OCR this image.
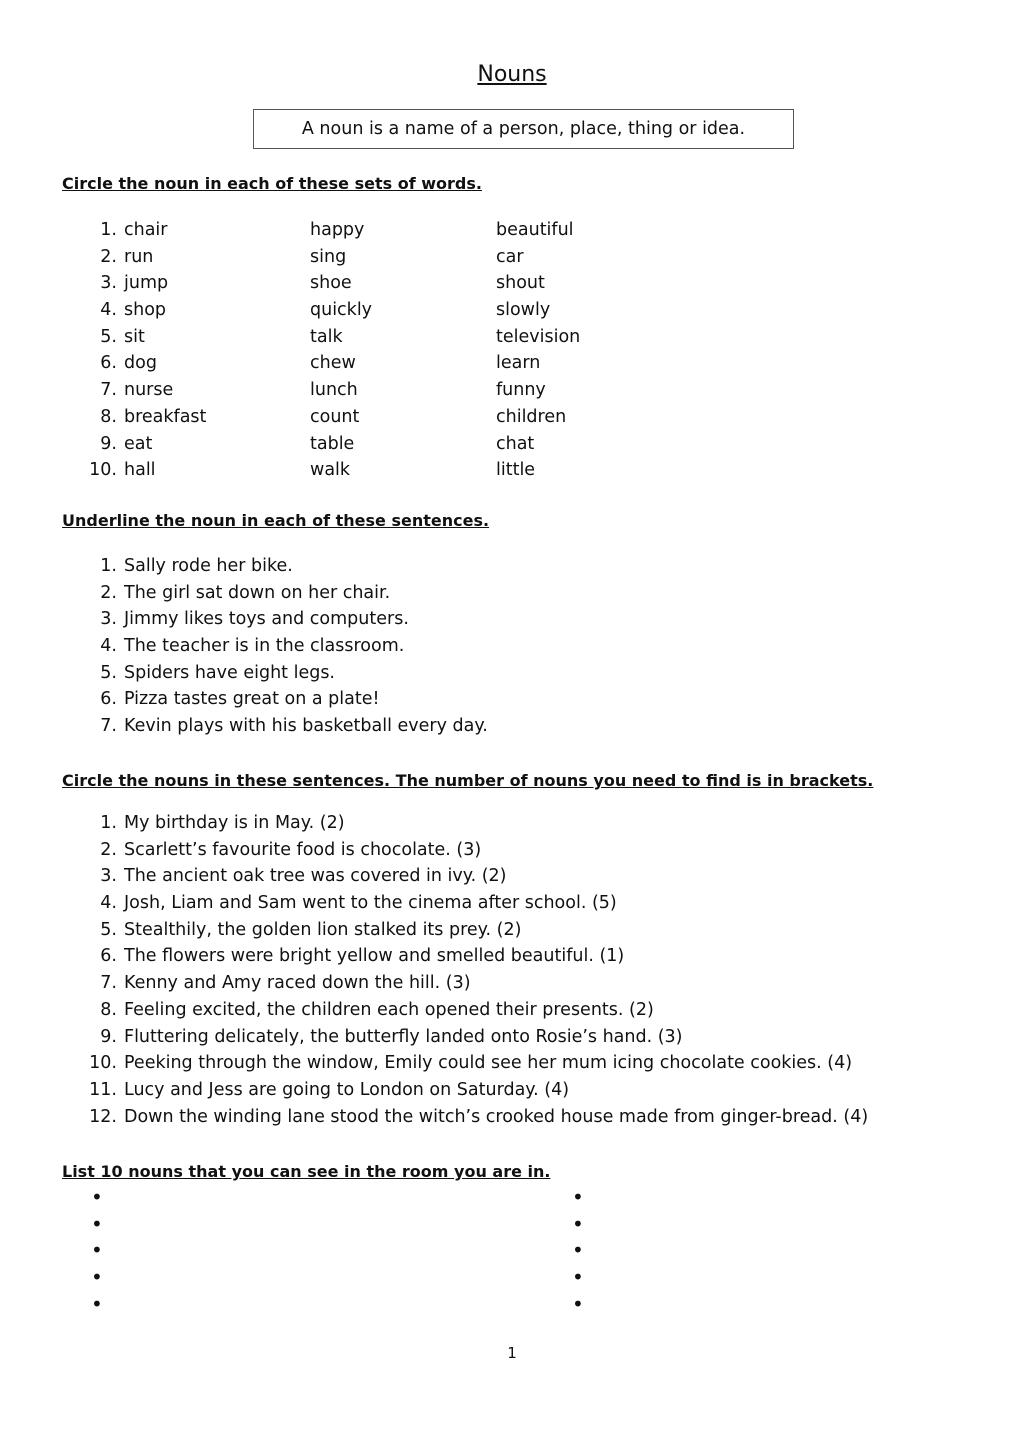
Nouns
A noun is a name of a person, place, thing or idea.
Circle the noun in each of these sets of words.
1. chair	happy	beautiful
2. run	sing	car
3. jump	shoe	shout
4. shop	quickly	slowly
5. sit	talk	television
6. dog	chew	learn
7. nurse	lunch	funny
8. breakfast	count	children
9. eat	table	chat
10. hall	walk	little
Underline the noun in each of these sentences.
1. Sally rode her bike.
2. The girl sat down on her chair.
3. Jimmy likes toys and computers.
4. The teacher is in the classroom.
5. Spiders have eight legs.
6. Pizza tastes great on a plate!
7. Kevin plays with his basketball every day.
Circle the nouns in these sentences. The number of nouns you need to find is in brackets.
1. My birthday is in May. (2)
2. Scarlett’s favourite food is chocolate. (3)
3. The ancient oak tree was covered in ivy. (2)
4. Josh, Liam and Sam went to the cinema after school. (5)
5. Stealthily, the golden lion stalked its prey. (2)
6. The flowers were bright yellow and smelled beautiful. (1)
7. Kenny and Amy raced down the hill. (3)
8. Feeling excited, the children each opened their presents. (2)
9. Fluttering delicately, the butterfly landed onto Rosie’s hand. (3)
10. Peeking through the window, Emily could see her mum icing chocolate cookies. (4)
11. Lucy and Jess are going to London on Saturday. (4)
12. Down the winding lane stood the witch’s crooked house made from ginger-bread. (4)
List 10 nouns that you can see in the room you are in.
•
•
•
•
•
•
•
•
•
•
1
